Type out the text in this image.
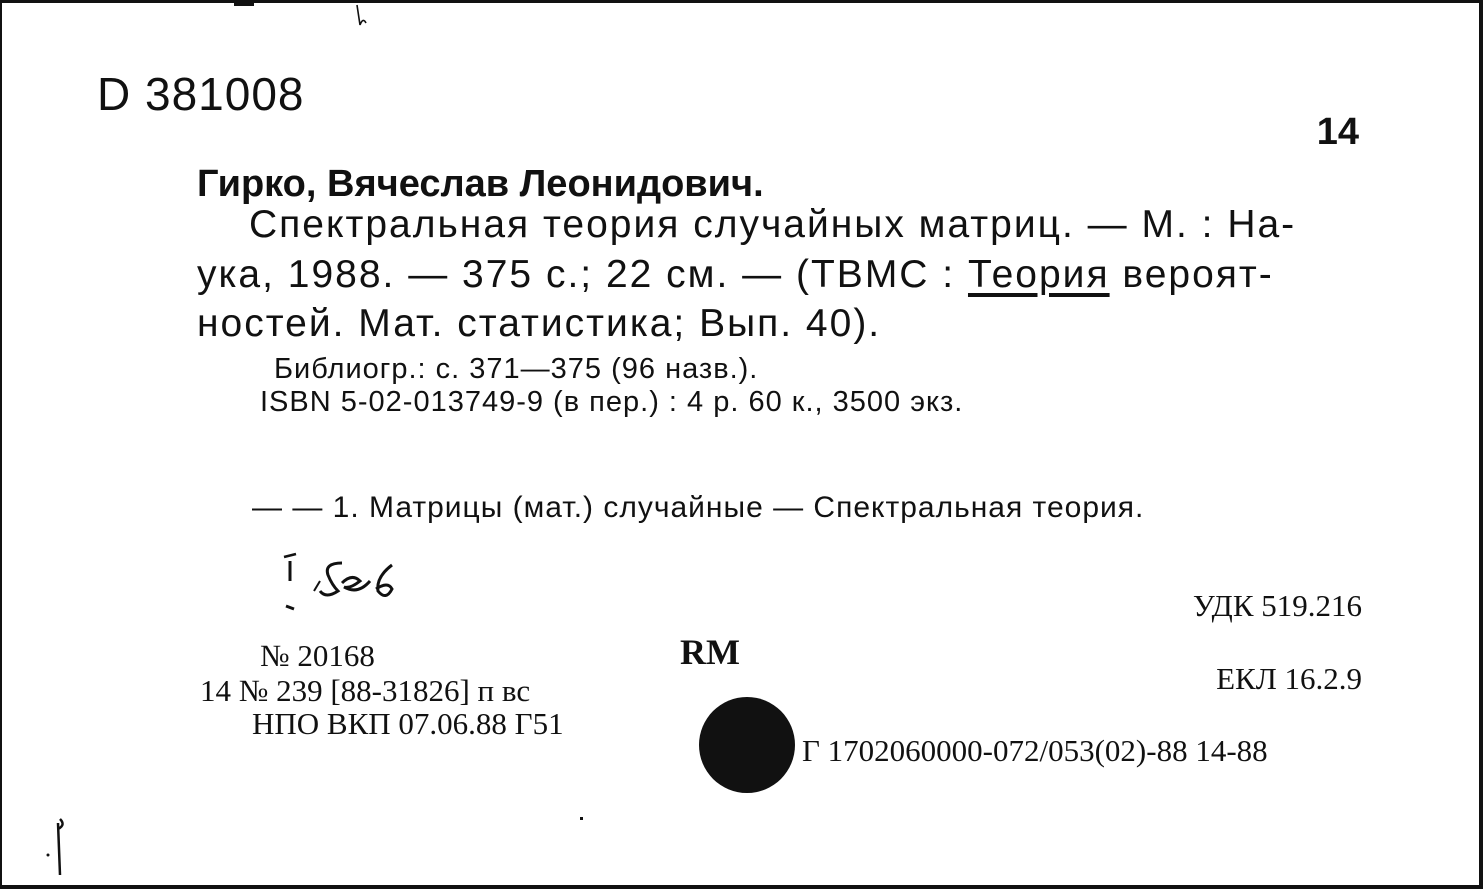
D 381008
14
Гирко, Вячеслав Леонидович.
Спектральная теория случайных матриц. — М. : На-
ука, 1988. — 375 с.; 22 см. — (ТВМС : Теория вероят-
ностей. Мат. статистика; Вып. 40).
Библиогр.: с. 371—375 (96 назв.).
ISBN 5-02-013749-9 (в пер.) : 4 р. 60 к., 3500 экз.
— — 1. Матрицы (мат.) случайные — Спектральная теория.
№ 20168
14 № 239 [88-31826] п вс
НПО ВКП 07.06.88 Г51
RM
УДК 519.216
ЕКЛ 16.2.9
Г 1702060000-072/053(02)-88 14-88
